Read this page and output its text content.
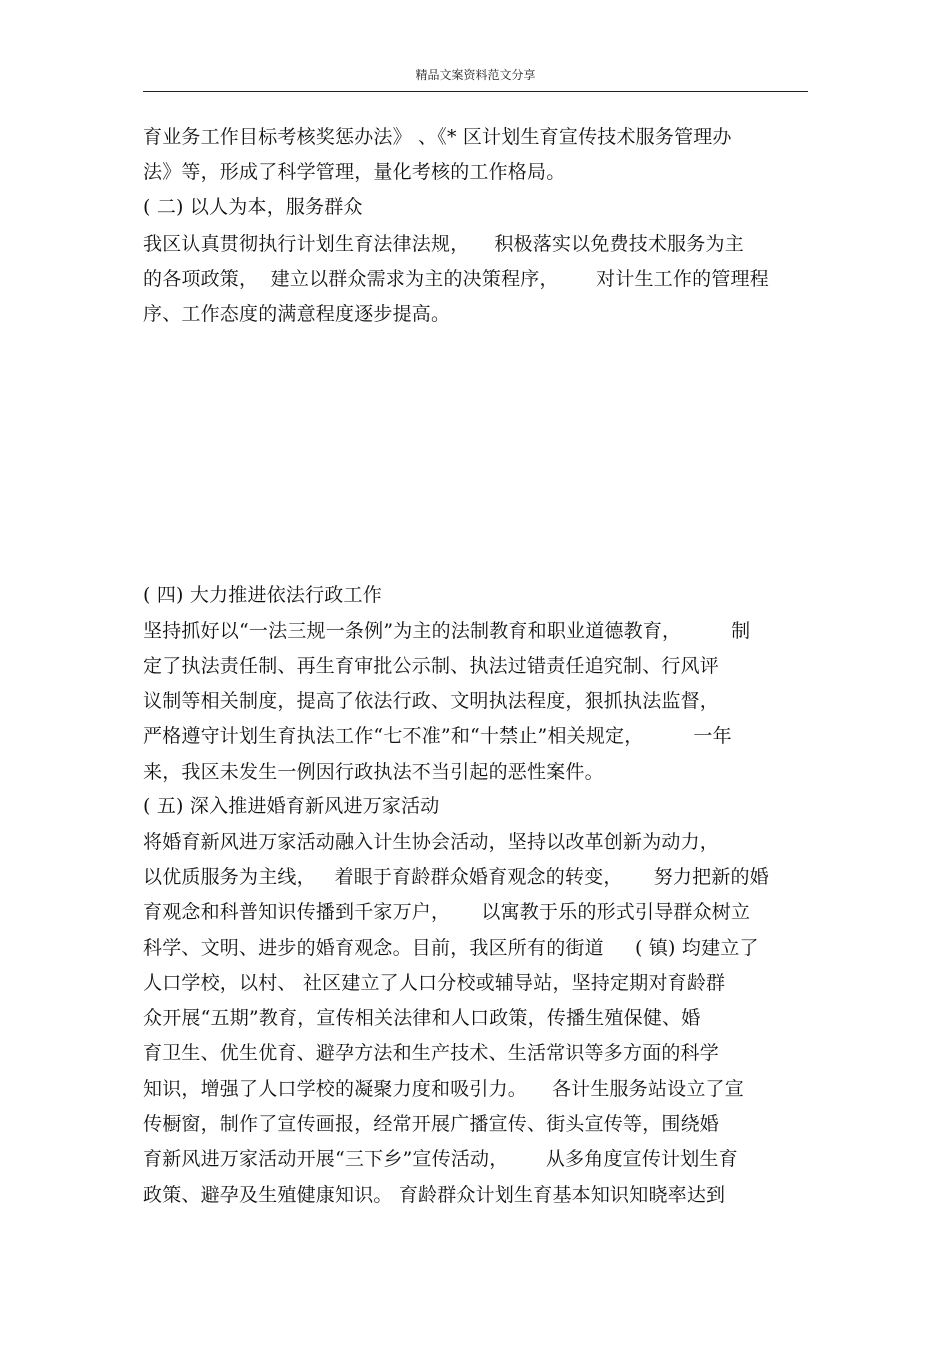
精品文案资料范文分享
育业务工作目标考核奖惩办法》 、《* 区计划生育宣传技术服务管理办
法》等，形成了科学管理，量化考核的工作格局。
( 二) 以人为本，服务群众
我区认真贯彻执行计划生育法律法规，    积极落实以免费技术服务为主
的各项政策，  建立以群众需求为主的决策程序，      对计生工作的管理程
序、工作态度的满意程度逐步提高。
( 四) 大力推进依法行政工作
坚持抓好以“一法三规一条例”为主的法制教育和职业道德教育，        制
定了执法责任制、再生育审批公示制、执法过错责任追究制、行风评
议制等相关制度，提高了依法行政、文明执法程度，狠抓执法监督，
严格遵守计划生育执法工作“七不准”和“十禁止”相关规定，        一年
来，我区未发生一例因行政执法不当引起的恶性案件。
( 五) 深入推进婚育新风进万家活动
将婚育新风进万家活动融入计生协会活动，坚持以改革创新为动力，
以优质服务为主线，   着眼于育龄群众婚育观念的转变，     努力把新的婚
育观念和科普知识传播到千家万户，     以寓教于乐的形式引导群众树立
科学、文明、进步的婚育观念。目前，我区所有的街道     ( 镇) 均建立了
人口学校，以村、 社区建立了人口分校或辅导站，坚持定期对育龄群
众开展“五期”教育，宣传相关法律和人口政策，传播生殖保健、婚
育卫生、优生优育、避孕方法和生产技术、生活常识等多方面的科学
知识，增强了人口学校的凝聚力度和吸引力。    各计生服务站设立了宣
传橱窗，制作了宣传画报，经常开展广播宣传、街头宣传等，围绕婚
育新风进万家活动开展“三下乡”宣传活动，      从多角度宣传计划生育
政策、避孕及生殖健康知识。 育龄群众计划生育基本知识知晓率达到
